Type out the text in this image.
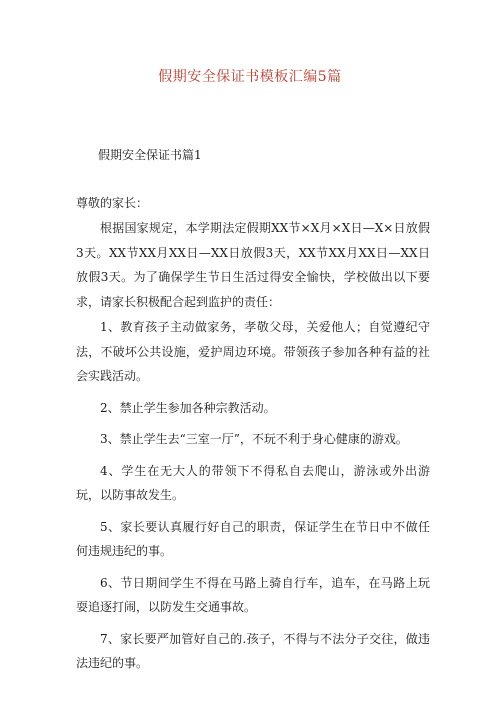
假期安全保证书模板汇编5篇

假期安全保证书篇1

尊敬的家长：

根据国家规定，本学期法定假期XX节×X月×X日—X×日放假3天。XX节XX月XX日—XX日放假3天，XX节XX月XX日—XX日放假3天。为了确保学生节日生活过得安全愉快，学校做出以下要求，请家长积极配合起到监护的责任：

1、教育孩子主动做家务，孝敬父母，关爱他人；自觉遵纪守法，不破坏公共设施，爱护周边环境。带领孩子参加各种有益的社会实践活动。

2、禁止学生参加各种宗教活动。

3、禁止学生去“三室一厅”，不玩不利于身心健康的游戏。

4、学生在无大人的带领下不得私自去爬山，游泳或外出游玩，以防事故发生。

5、家长要认真履行好自己的职责，保证学生在节日中不做任何违规违纪的事。

6、节日期间学生不得在马路上骑自行车，追车，在马路上玩耍追逐打闹，以防发生交通事故。

7、家长要严加管好自己的.孩子，不得与不法分子交往，做违法违纪的事。
